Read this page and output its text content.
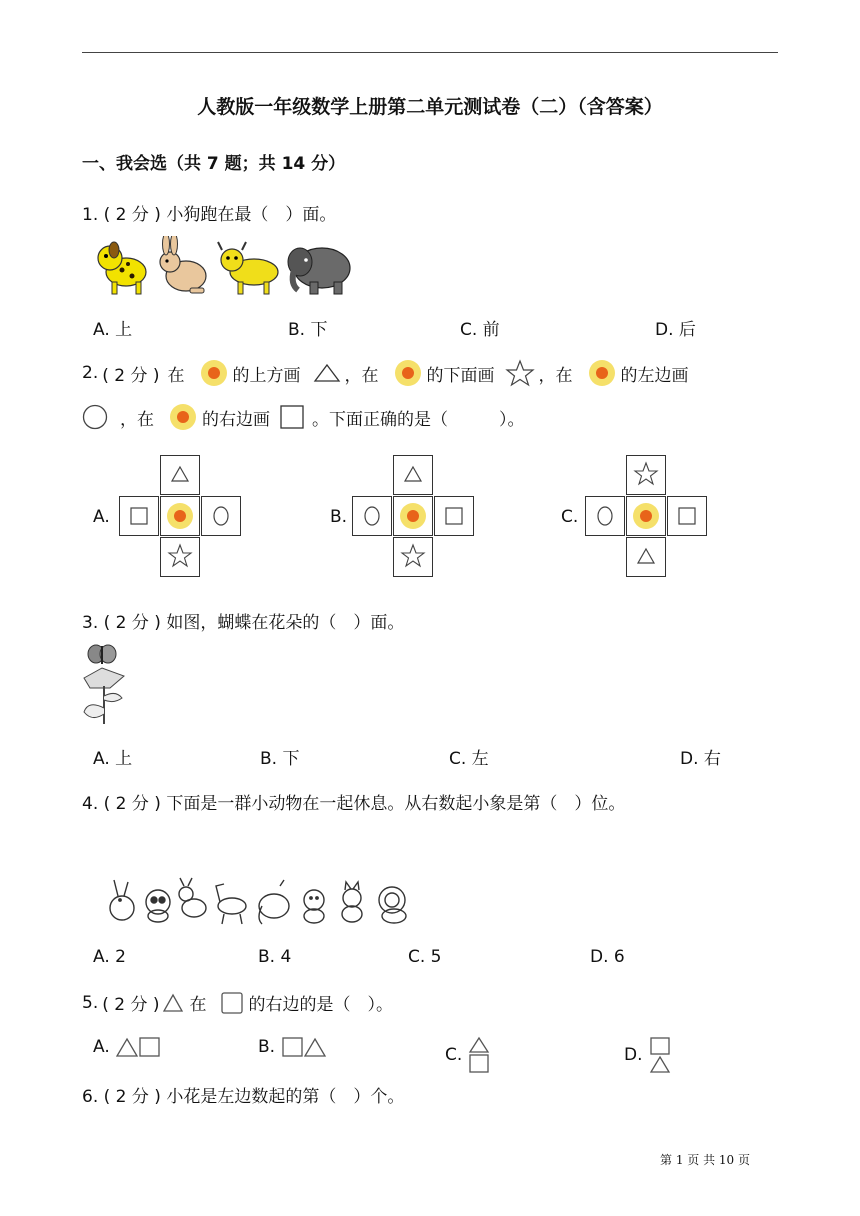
人教版一年级数学上册第二单元测试卷（二）（含答案）
一、我会选（共 7 题；共 14 分）
1. ( 2 分 ) 小狗跑在最（　）面。
A. 上	B. 下	C. 前	D. 后
2. ( 2 分 ) 在	的上方画	，在	的下面画	，在	的左边画
，在	的右边画 。下面正确的是（　　　）。
A.	B.	C.
3. ( 2 分 ) 如图，蝴蝶在花朵的（　）面。
A. 上	B. 下	C. 左	D. 右
4. ( 2 分 ) 下面是一群小动物在一起休息。从右数起小象是第（　）位。
A. 2	B. 4	C. 5	D. 6
5. ( 2 分 ) 在 的右边的是（　）。
A.	B.	C.	D.
6. ( 2 分 ) 小花是左边数起的第（　）个。
第 1 页 共 10 页
